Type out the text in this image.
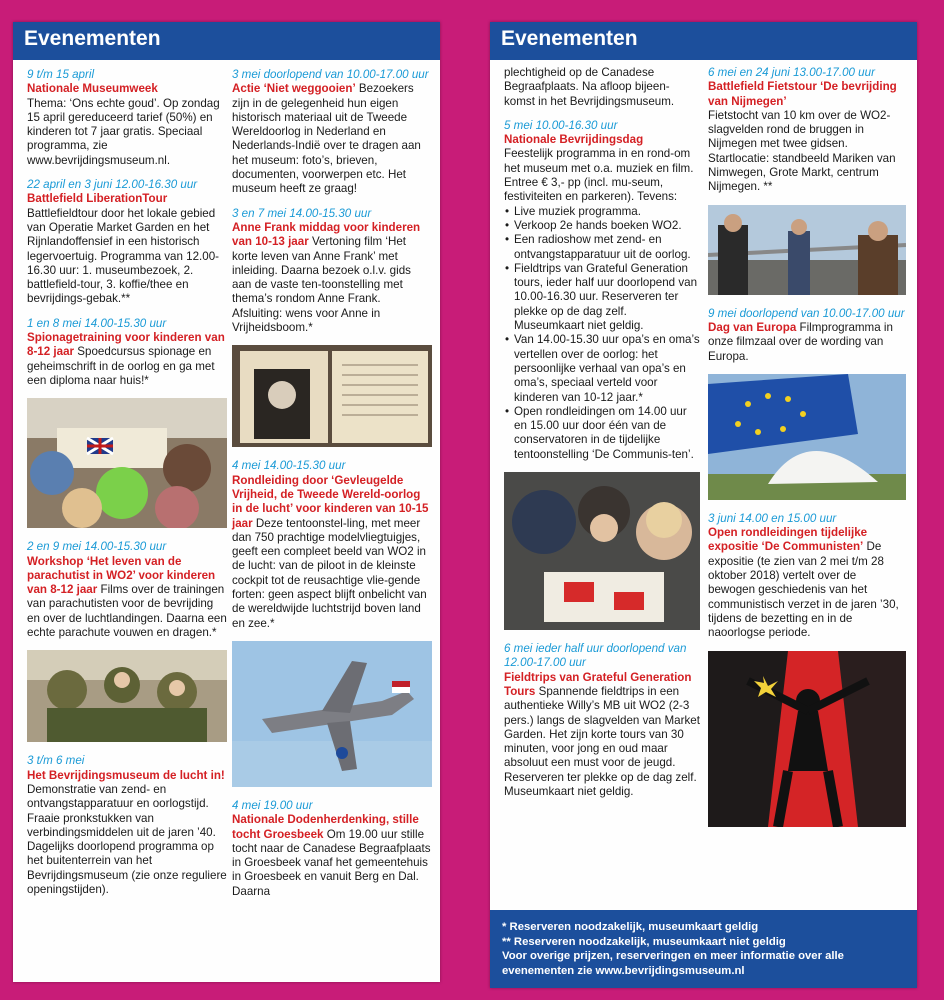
Evenementen
9 t/m 15 april
Nationale Museumweek
Thema: ‘Ons echte goud’. Op zondag 15 april gereduceerd tarief (50%) en kinderen tot 7 jaar gratis. Speciaal programma, zie www.bevrijdingsmuseum.nl.
22 april en 3 juni 12.00-16.30 uur
Battlefield LiberationTour
Battlefieldtour door het lokale gebied van Operatie Market Garden en het Rijnlandoffensief in een historisch legervoertuig. Programma van 12.00-16.30 uur: 1. museumbezoek, 2. battlefield-tour, 3. koffie/thee en bevrijdings-gebak.**
1 en 8 mei 14.00-15.30 uur
Spionagetraining voor kinderen van 8-12 jaar Spoedcursus spionage en geheimschrift in de oorlog en ga met een diploma naar huis!*
2 en 9 mei 14.00-15.30 uur
Workshop ‘Het leven van de parachutist in WO2’ voor kinderen van 8-12 jaar Films over de trainingen van parachutisten voor de bevrijding en over de luchtlandingen. Daarna een echte parachute vouwen en dragen.*
3 t/m 6 mei
Het Bevrijdingsmuseum de lucht in! Demonstratie van zend- en ontvangstapparatuur en oorlogstijd. Fraaie pronkstukken van verbindingsmiddelen uit de jaren ’40. Dagelijks doorlopend programma op het buitenterrein van het Bevrijdingsmuseum (zie onze reguliere openingstijden).
3 mei doorlopend van 10.00-17.00 uur
Actie ‘Niet weggooien’ Bezoekers zijn in de gelegenheid hun eigen historisch materiaal uit de Tweede Wereldoorlog in Nederland en Nederlands-Indië over te dragen aan het museum: foto’s, brieven, documenten, voorwerpen etc. Het museum heeft ze graag!
3 en 7 mei 14.00-15.30 uur
Anne Frank middag voor kinderen van 10-13 jaar Vertoning film ‘Het korte leven van Anne Frank’ met inleiding. Daarna bezoek o.l.v. gids aan de vaste ten-toonstelling met thema’s rondom Anne Frank. Afsluiting: wens voor Anne in Vrijheidsboom.*
4 mei 14.00-15.30 uur
Rondleiding door ‘Gevleugelde Vrijheid, de Tweede Wereld-oorlog in de lucht’ voor kinderen van 10-15 jaar Deze tentoonstel-ling, met meer dan 750 prachtige modelvliegtuigjes, geeft een compleet beeld van WO2 in de lucht: van de piloot in de kleinste cockpit tot de reusachtige vlie-gende forten: geen aspect blijft onbelicht van de wereldwijde luchtstrijd boven land en zee.*
4 mei 19.00 uur
Nationale Dodenherdenking, stille tocht Groesbeek Om 19.00 uur stille tocht naar de Canadese Begraafplaats in Groesbeek vanaf het gemeentehuis in Groesbeek en vanuit Berg en Dal. Daarna
Evenementen
plechtigheid op de Canadese Begraafplaats. Na afloop bijeen-komst in het Bevrijdingsmuseum.
5 mei 10.00-16.30 uur
Nationale Bevrijdingsdag
Feestelijk programma in en rond-om het museum met o.a. muziek en film. Entree € 3,- pp (incl. mu-seum, festiviteiten en parkeren). Tevens:
• Live muziek programma.
• Verkoop 2e hands boeken WO2.
• Een radioshow met zend- en ontvangstapparatuur uit de oorlog.
• Fieldtrips van Grateful Generation tours, ieder half uur doorlopend van 10.00-16.30 uur. Reserveren ter plekke op de dag zelf. Museumkaart niet geldig.
• Van 14.00-15.30 uur opa’s en oma’s vertellen over de oorlog: het persoonlijke verhaal van opa’s en oma’s, speciaal verteld voor kinderen van 10-12 jaar.*
• Open rondleidingen om 14.00 uur en 15.00 uur door één van de conservatoren in de tijdelijke tentoonstelling ‘De Communis-ten’.
6 mei ieder half uur doorlopend van 12.00-17.00 uur
Fieldtrips van Grateful Generation Tours Spannende fieldtrips in een authentieke Willy’s MB uit WO2 (2-3 pers.) langs de slagvelden van Market Garden. Het zijn korte tours van 30 minuten, voor jong en oud maar absoluut een must voor de jeugd. Reserveren ter plekke op de dag zelf. Museumkaart niet geldig.
6 mei en 24 juni 13.00-17.00 uur
Battlefield Fietstour ‘De bevrijding van Nijmegen’
Fietstocht van 10 km over de WO2-slagvelden rond de bruggen in Nijmegen met twee gidsen. Startlocatie: standbeeld Mariken van Nimwegen, Grote Markt, centrum Nijmegen. **
9 mei doorlopend van 10.00-17.00 uur
Dag van Europa Filmprogramma in onze filmzaal over de wording van Europa.
3 juni 14.00 en 15.00 uur
Open rondleidingen tijdelijke expositie ‘De Communisten’ De expositie (te zien van 2 mei t/m 28 oktober 2018) vertelt over de bewogen geschiedenis van het communistisch verzet in de jaren ’30, tijdens de bezetting en in de naoorlogse periode.
* Reserveren noodzakelijk, museumkaart geldig
** Reserveren noodzakelijk, museumkaart niet geldig
Voor overige prijzen, reserveringen en meer informatie over alle evenementen zie www.bevrijdingsmuseum.nl
